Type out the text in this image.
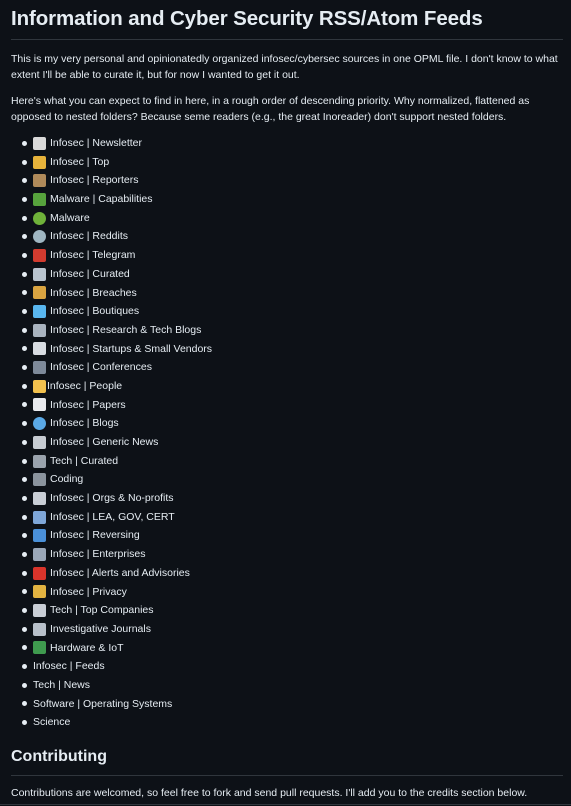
Information and Cyber Security RSS/Atom Feeds

This is my very personal and opinionatedly organized infosec/cybersec sources in one OPML file. I don't know to what extent I'll be able to curate it, but for now I wanted to get it out.

Here's what you can expect to find in here, in a rough order of descending priority. Why normalized, flattened as opposed to nested folders? Because seme readers (e.g., the great Inoreader) don't support nested folders.

Infosec | Newsletter
Infosec | Top
Infosec | Reporters
Malware | Capabilities
Malware
Infosec | Reddits
Infosec | Telegram
Infosec | Curated
Infosec | Breaches
Infosec | Boutiques
Infosec | Research & Tech Blogs
Infosec | Startups & Small Vendors
Infosec | Conferences
Infosec | People
Infosec | Papers
Infosec | Blogs
Infosec | Generic News
Tech | Curated
Coding
Infosec | Orgs & No-profits
Infosec | LEA, GOV, CERT
Infosec | Reversing
Infosec | Enterprises
Infosec | Alerts and Advisories
Infosec | Privacy
Tech | Top Companies
Investigative Journals
Hardware & IoT
Infosec | Feeds
Tech | News
Software | Operating Systems
Science
Contributing

Contributions are welcomed, so feel free to fork and send pull requests. I'll add you to the credits section below.
